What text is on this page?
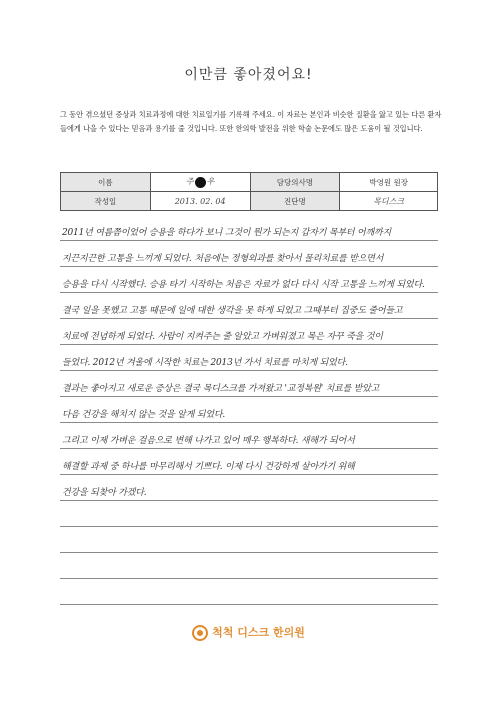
이만큼 좋아졌어요!
그 동안 겪으셨던 증상과 치료과정에 대한 치료일기를 기록해 주세요. 이 자료는 본인과 비슷한 질환을 앓고 있는 다른 환자들에게 나을 수 있다는 믿음과 용기를 줄 것입니다. 또한 한의학 발전을 위한 학술 논문에도 많은 도움이 될 것입니다.
이름	주 우	담당의사명	박영원 원장
작성일	2013. 02. 04	진단명	목디스크
2011년 여름쯤이었어 승용을 하다가 보니 그것이 뭔가 되는지 갑자기 목부터 어깨까지
지끈지끈한 고통을 느끼게 되었다. 처음에는 정형외과를 찾아서 물리치료를 받으면서
승용을 다시 시작했다. 승용 타기 시작하는 처음은 자료가 없다 다시 시작 고통을 느끼게 되었다.
결국 일을 못했고 고통 때문에 일에 대한 생각을 못 하게 되었고 그때부터 집중도 줄어들고
치료에 전념하게 되었다. 사람이 지켜주는 줄 알았고 가벼워졌고 목은 자꾸 죽을 것이
들었다. 2012년 겨울에 시작한 치료는 2013년 가서 치료를 마치게 되었다.
결과는 좋아지고 새로운 증상은 결국 목디스크를 가져왔고 '교정복원' 치료를 받았고
다음 건강을 해치지 않는 것을 알게 되었다.
그리고 이제 가벼운 걸음으로 변해 나가고 있어 매우 행복하다. 새해가 되어서
해결할 과제 중 하나를 마무리해서 기쁘다. 이제 다시 건강하게 살아가기 위해
건강을 되찾아 가겠다.
척척 디스크 한의원
